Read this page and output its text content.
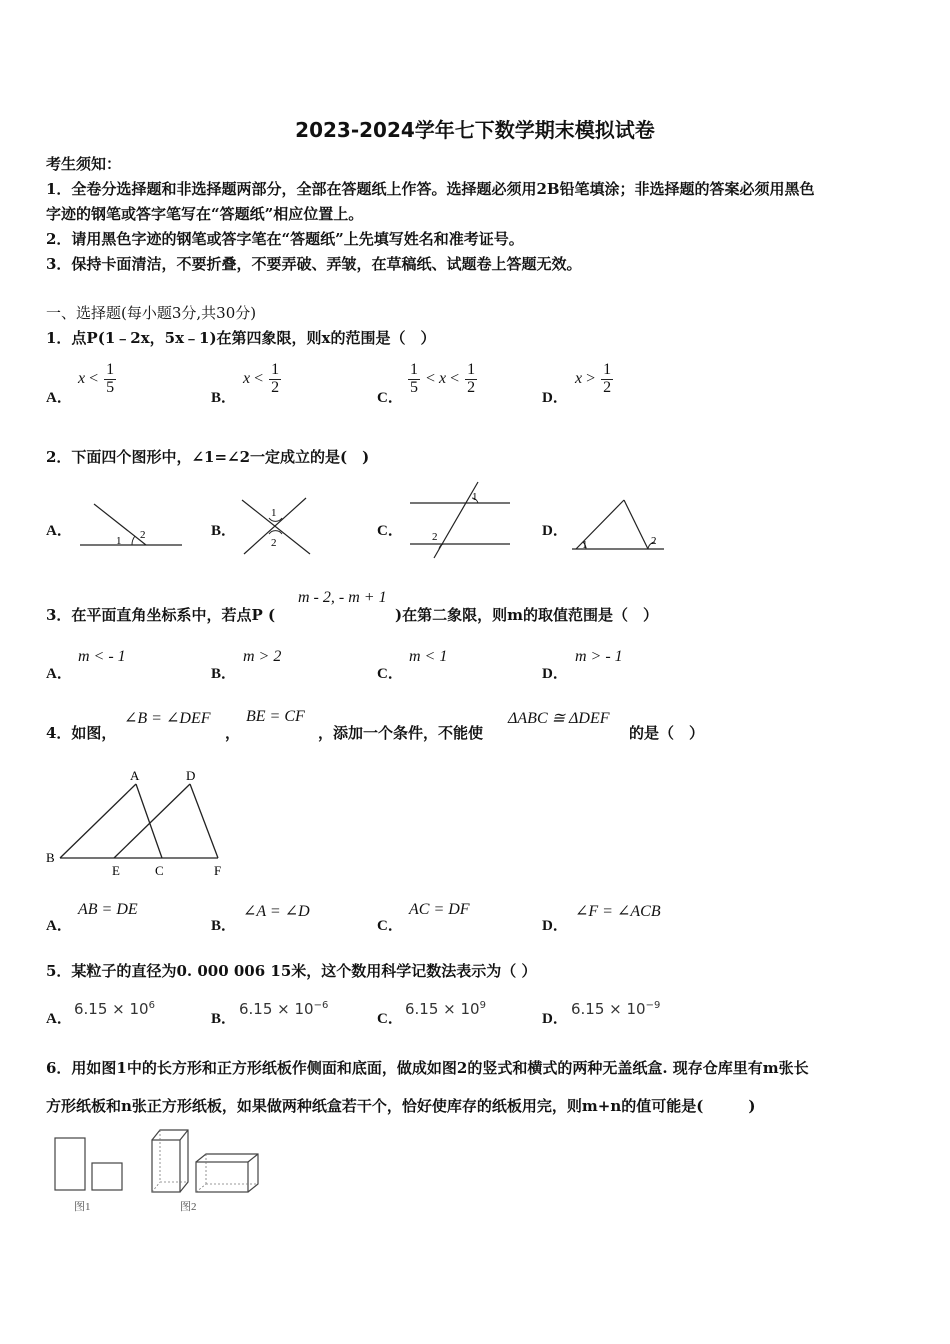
2023-2024学年七下数学期末模拟试卷
考生须知：
1．全卷分选择题和非选择题两部分，全部在答题纸上作答。选择题必须用2B铅笔填涂；非选择题的答案必须用黑色
字迹的钢笔或答字笔写在“答题纸”相应位置上。
2．请用黑色字迹的钢笔或答字笔在“答题纸”上先填写姓名和准考证号。
3．保持卡面清洁，不要折叠，不要弄破、弄皱，在草稿纸、试题卷上答题无效。
一、选择题(每小题3分,共30分)
1．点P(1﹣2x，5x﹣1)在第四象限，则x的范围是（　）
A．
$x < \frac{1}{5}$
B．
$x < \frac{1}{2}$
C．
$\frac{1}{5} < x < \frac{1}{2}$
D．
$x > \frac{1}{2}$
2．下面四个图形中，∠1=∠2一定成立的是(　)
A．
1 2	B．
1
2
C．
1
2	D．
1	2
3．在平面直角坐标系中，若点P (
m - 2, - m + 1
)在第二象限，则m的取值范围是（　）
A．
m < - 1
B．
m > 2
C．
m < 1
D．
m > - 1
4．如图，
∠B = ∠DEF
，
BE = CF
，添加一个条件，不能使
ΔABC ≅ ΔDEF
的是（　）
A	D
B
E	C	F
A．
AB = DE
B．
∠A = ∠D
C．
AC = DF
D．
∠F = ∠ACB
5．某粒子的直径为0. 000 006 15米，这个数用科学记数法表示为（ ）
A．
$6.15 \times 10^6$
B．
$6.15 \times 10^{-6}$
C．
$6.15 \times 10^9$
D．
$6.15 \times 10^{-9}$
6．用如图1中的长方形和正方形纸板作侧面和底面，做成如图2的竖式和横式的两种无盖纸盒. 现存仓库里有m张长
方形纸板和n张正方形纸板，如果做两种纸盒若干个，恰好使库存的纸板用完，则m+n的值可能是(　　　)
图1	图2
